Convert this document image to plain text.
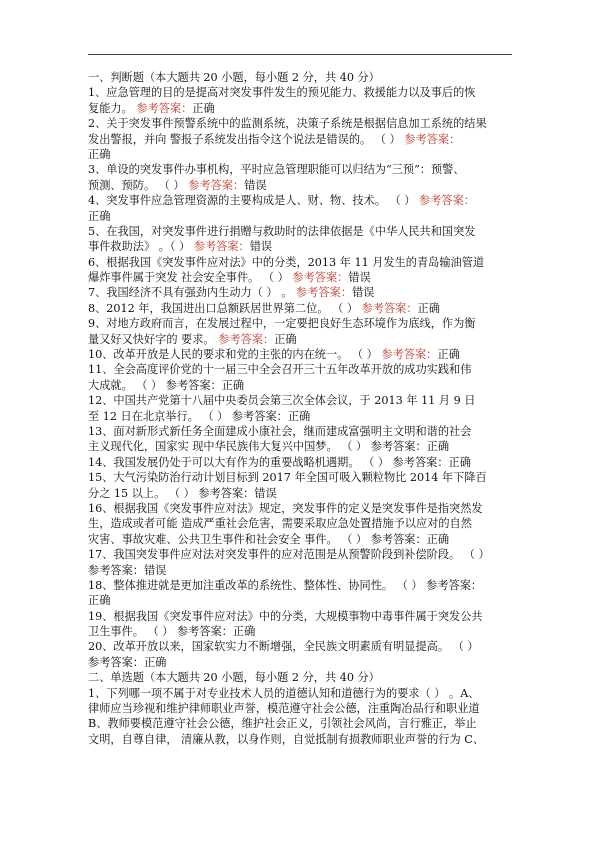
一、判断题（本大题共 20 小题，每小题 2 分，共 40 分）
1、应急管理的目的是提高对突发事件发生的预见能力、救援能力以及事后的恢
复能力。 参考答案：正确
2、关于突发事件预警系统中的监测系统，决策子系统是根据信息加工系统的结果
发出警报，并向 警报子系统发出指令这个说法是错误的。 （ ） 参考答案：
正确
3、单设的突发事件办事机构，平时应急管理职能可以归结为“三预”：预警、
预测、预防。 （ ） 参考答案：错误
4、突发事件应急管理资源的主要构成是人、财、物、技术。 （ ） 参考答案：
正确
5、在我国，对突发事件进行捐赠与救助时的法律依据是《中华人民共和国突发
事件救助法》 。（ ） 参考答案：错误
6、根据我国《突发事件应对法》中的分类，2013 年 11 月发生的青岛输油管道
爆炸事件属于突发 社会安全事件。 （ ） 参考答案：错误
7、我国经济不具有强劲内生动力（ ） 。 参考答案：错误
8、2012 年，我国进出口总额跃居世界第二位。 （ ） 参考答案：正确
9、对地方政府而言，在发展过程中，一定要把良好生态环境作为底线，作为衡
量又好又快好字的 要求。 参考答案：正确
10、改革开放是人民的要求和党的主张的内在统一。 （ ） 参考答案：正确
11、全会高度评价党的十一届三中全会召开三十五年改革开放的成功实践和伟
大成就。 （ ） 参考答案：正确
12、中国共产党第十八届中央委员会第三次全体会议，于 2013 年 11 月 9 日
至 12 日在北京举行。 （ ） 参考答案：正确
13、面对新形式新任务全面建成小康社会，继而建成富强明主文明和谐的社会
主义现代化，国家实 现中华民族伟大复兴中国梦。 （ ） 参考答案：正确
14、我国发展仍处于可以大有作为的重要战略机遇期。 （ ） 参考答案：正确
15、大气污染防治行动计划目标到 2017 年全国可吸入颗粒物比 2014 年下降百
分之 15 以上。 （ ） 参考答案：错误
16、根据我国《突发事件应对法》规定，突发事件的定义是突发事件是指突然发
生，造成或者可能 造成严重社会危害，需要采取应急处置措施予以应对的自然
灾害、事故灾难、公共卫生事件和社会安全 事件。 （ ） 参考答案：正确
17、我国突发事件应对法对突发事件的应对范围是从预警阶段到补偿阶段。 （ ）
参考答案：错误
18、整体推进就是更加注重改革的系统性、整体性、协同性。 （ ） 参考答案：
正确
19、根据我国《突发事件应对法》中的分类，大规模事物中毒事件属于突发公共
卫生事件。 （ ） 参考答案：正确
20、改革开放以来，国家软实力不断增强，全民族文明素质有明显提高。 （ ）
参考答案：正确
二、单选题（本大题共 20 小题，每小题 2 分，共 40 分）
1、下列哪一项不属于对专业技术人员的道德认知和道德行为的要求（ ） 。A、
律师应当珍视和维护律师职业声誉，模范遵守社会公德，注重陶冶品行和职业道
B、教师要模范遵守社会公德，维护社会正义，引领社会风尚，言行雅正，举止
文明，自尊自律， 清廉从教，以身作则，自觉抵制有损教师职业声誉的行为 C、
